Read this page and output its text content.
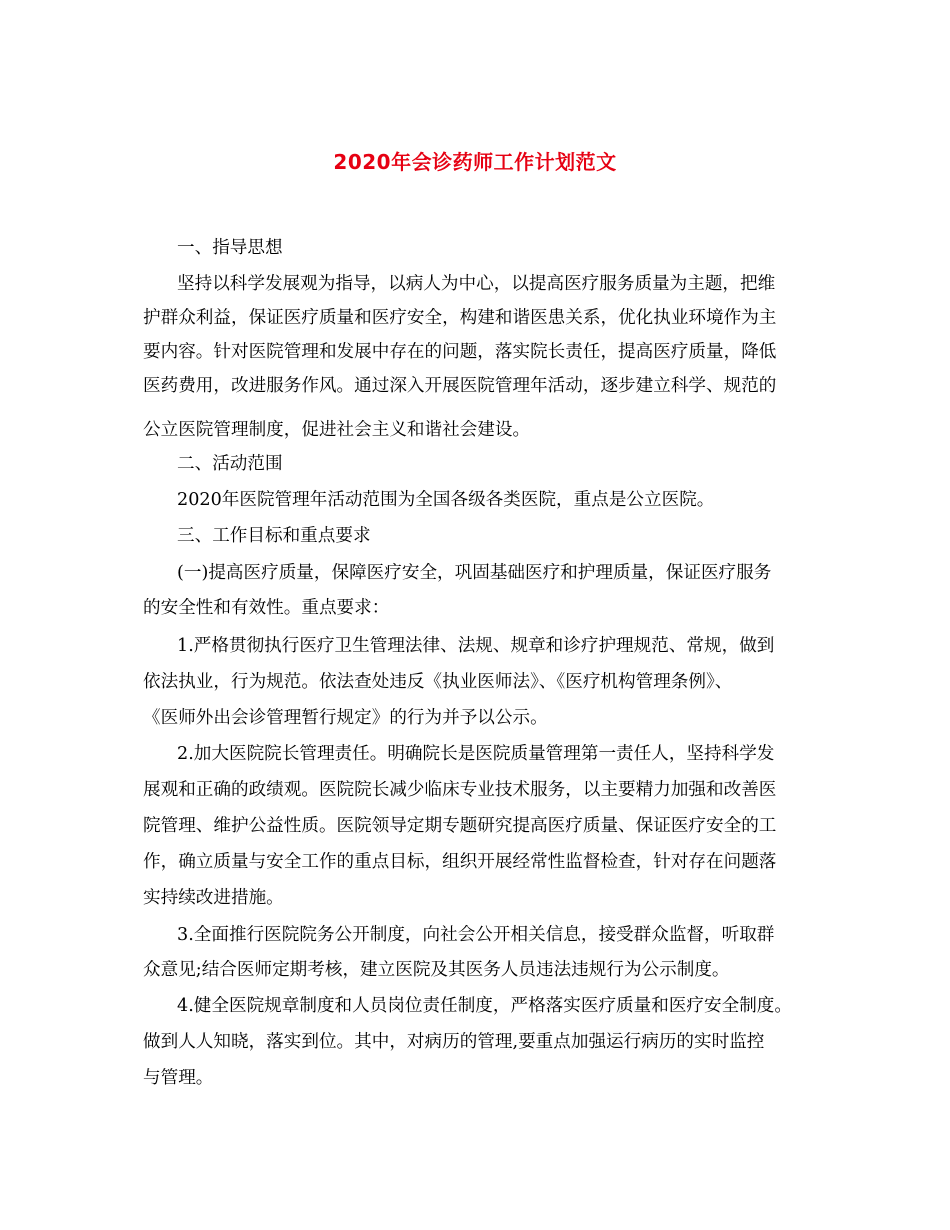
2020年会诊药师工作计划范文
一、指导思想
坚持以科学发展观为指导，以病人为中心，以提高医疗服务质量为主题，把维
护群众利益，保证医疗质量和医疗安全，构建和谐医患关系，优化执业环境作为主
要内容。针对医院管理和发展中存在的问题，落实院长责任，提高医疗质量，降低
医药费用，改进服务作风。通过深入开展医院管理年活动，逐步建立科学、规范的
公立医院管理制度，促进社会主义和谐社会建设。
二、活动范围
2020年医院管理年活动范围为全国各级各类医院，重点是公立医院。
三、工作目标和重点要求
(一)提高医疗质量，保障医疗安全，巩固基础医疗和护理质量，保证医疗服务
的安全性和有效性。重点要求：
1.严格贯彻执行医疗卫生管理法律、法规、规章和诊疗护理规范、常规，做到
依法执业，行为规范。依法查处违反《执业医师法》、《医疗机构管理条例》、
《医师外出会诊管理暂行规定》的行为并予以公示。
2.加大医院院长管理责任。明确院长是医院质量管理第一责任人，坚持科学发
展观和正确的政绩观。医院院长减少临床专业技术服务，以主要精力加强和改善医
院管理、维护公益性质。医院领导定期专题研究提高医疗质量、保证医疗安全的工
作，确立质量与安全工作的重点目标，组织开展经常性监督检查，针对存在问题落
实持续改进措施。
3.全面推行医院院务公开制度，向社会公开相关信息，接受群众监督，听取群
众意见;结合医师定期考核，建立医院及其医务人员违法违规行为公示制度。
4.健全医院规章制度和人员岗位责任制度，严格落实医疗质量和医疗安全制度。
做到人人知晓，落实到位。其中，对病历的管理,要重点加强运行病历的实时监控
与管理。
